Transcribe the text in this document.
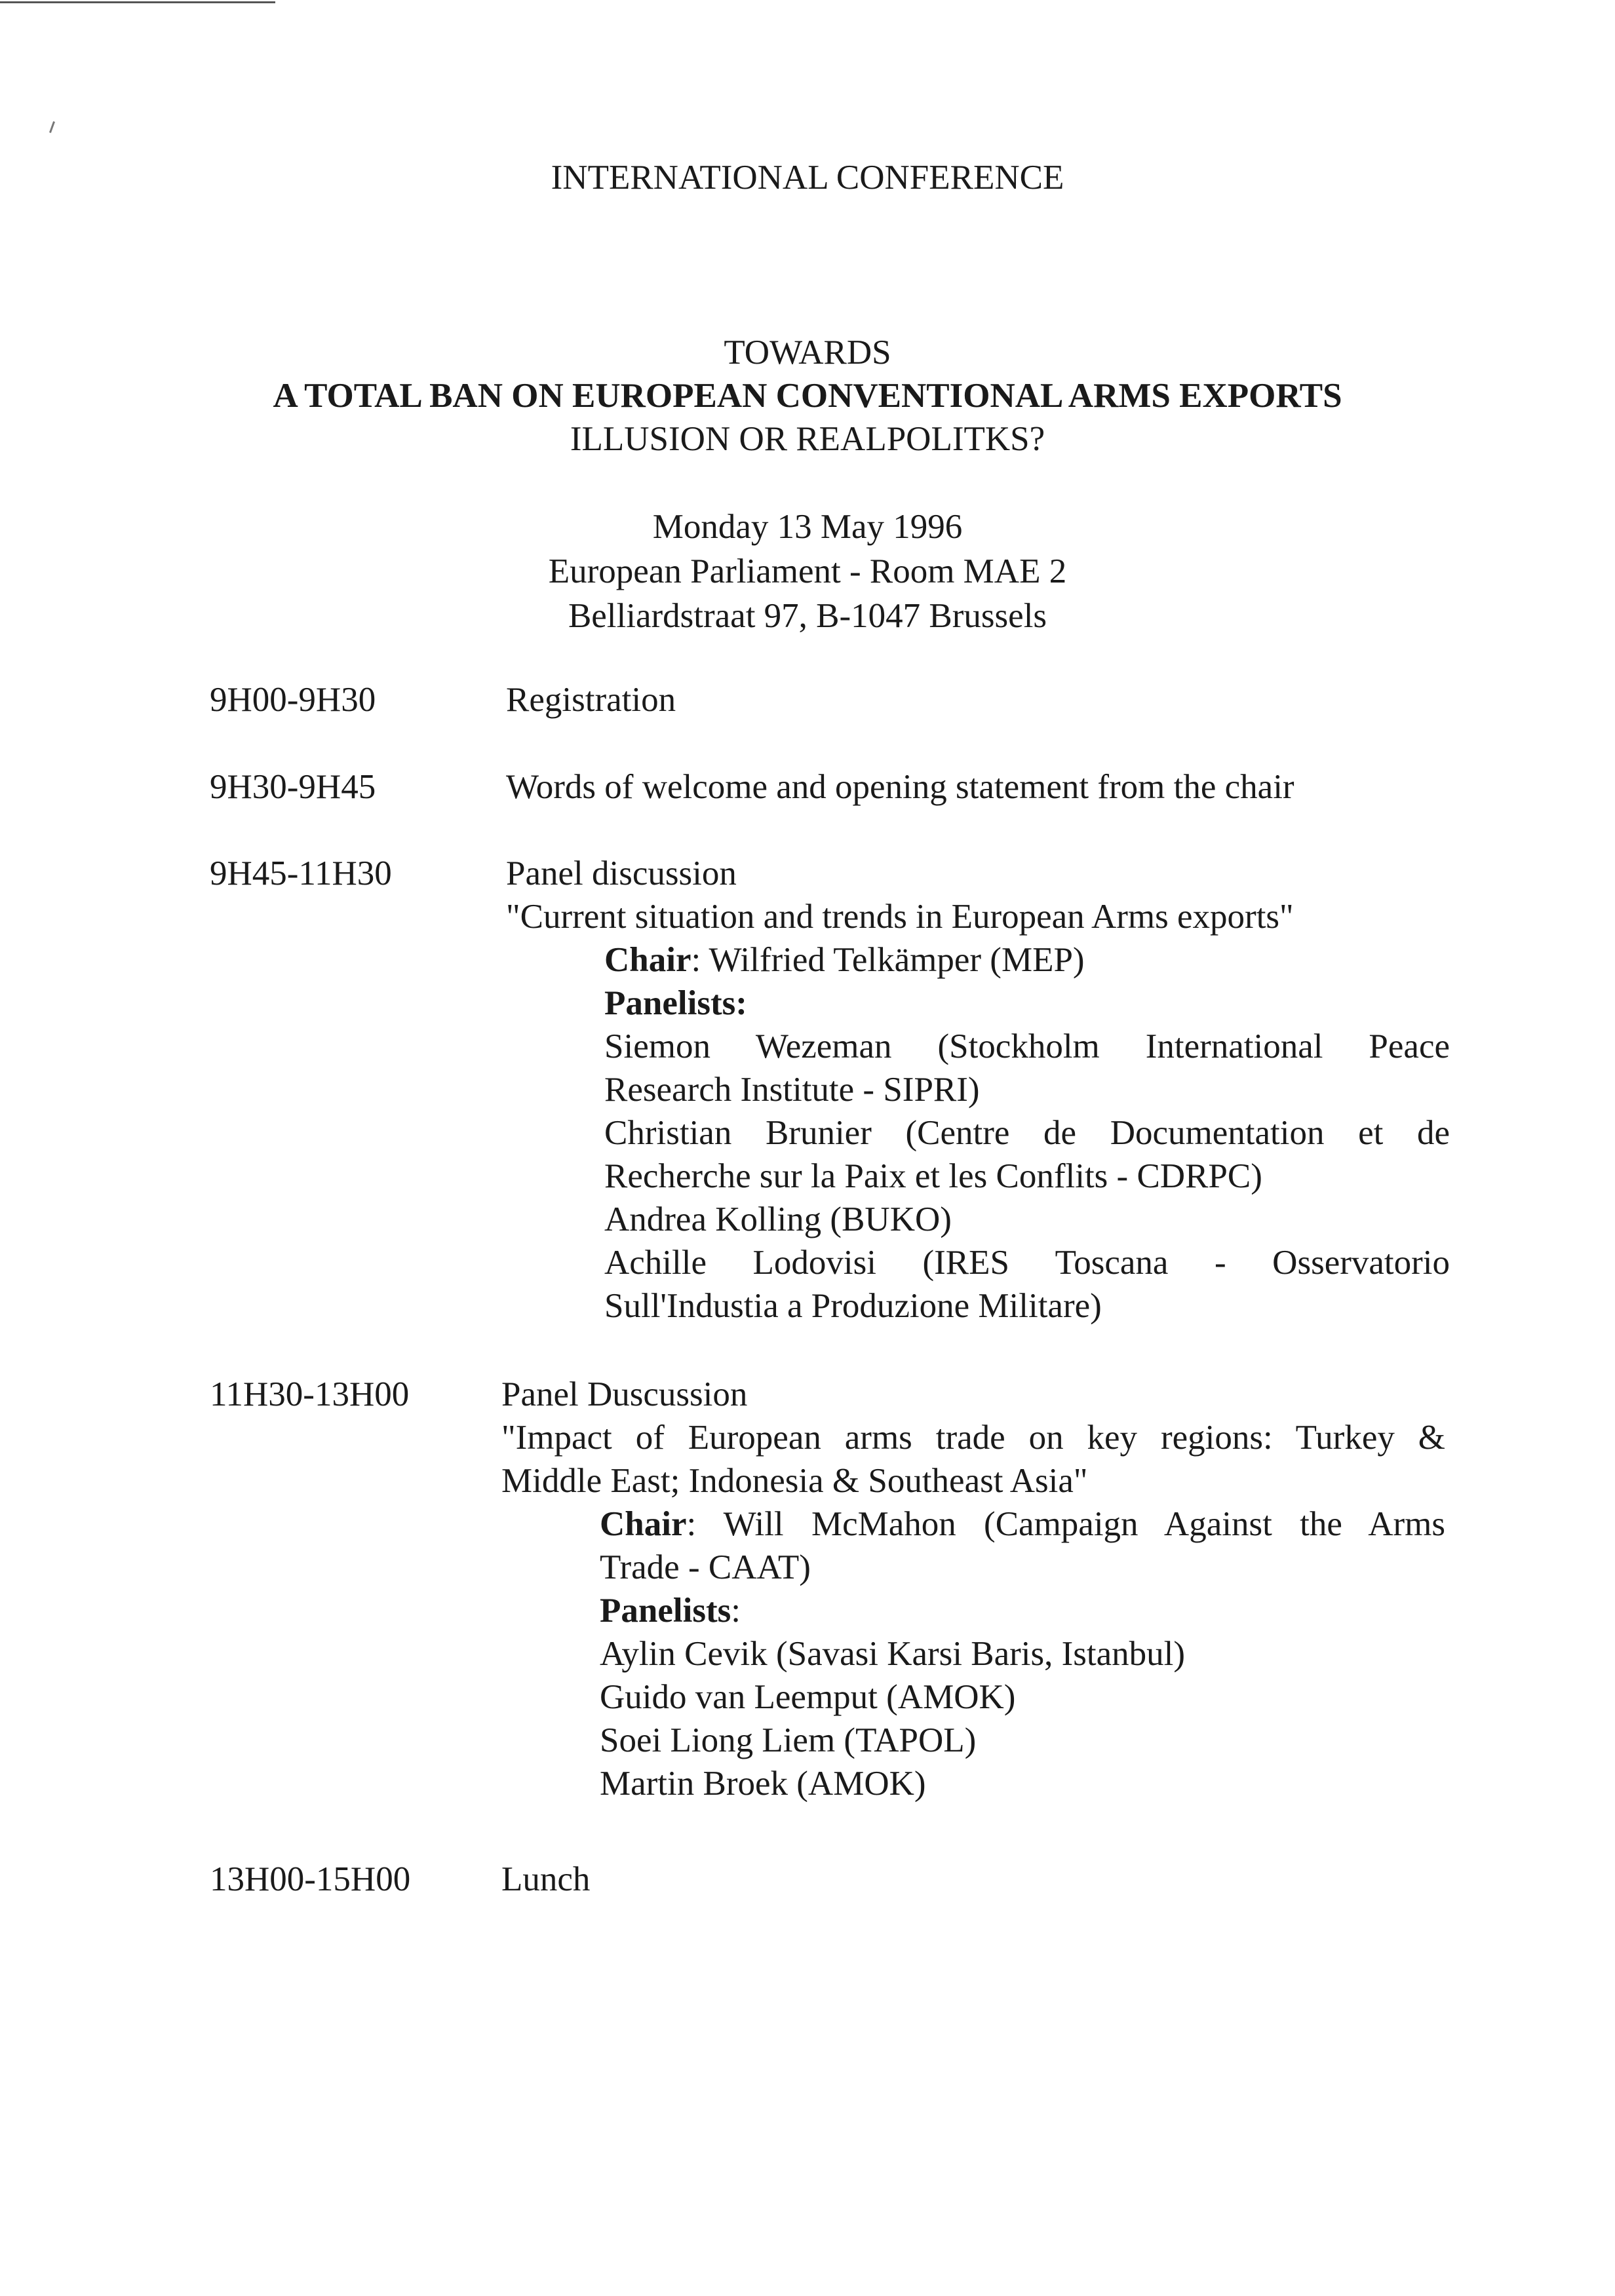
INTERNATIONAL CONFERENCE
TOWARDS
A TOTAL BAN ON EUROPEAN CONVENTIONAL ARMS EXPORTS
ILLUSION OR REALPOLITKS?
Monday 13 May 1996
European Parliament - Room MAE 2
Belliardstraat 97, B-1047 Brussels
9H00-9H30	Registration
9H30-9H45	Words of welcome and opening statement from the chair
9H45-11H30	Panel discussion
"Current situation and trends in European Arms exports"
Chair: Wilfried Telkämper (MEP)
Panelists:
Siemon Wezeman (Stockholm International Peace
Research Institute - SIPRI)
Christian Brunier (Centre de Documentation et de
Recherche sur la Paix et les Conflits - CDRPC)
Andrea Kolling (BUKO)
Achille Lodovisi (IRES Toscana - Osservatorio
Sull'Industia a Produzione Militare)
11H30-13H00	Panel Duscussion
"Impact of European arms trade on key regions: Turkey &
Middle East; Indonesia & Southeast Asia"
Chair: Will McMahon (Campaign Against the Arms
Trade - CAAT)
Panelists:
Aylin Cevik (Savasi Karsi Baris, Istanbul)
Guido van Leemput (AMOK)
Soei Liong Liem (TAPOL)
Martin Broek (AMOK)
13H00-15H00	Lunch
